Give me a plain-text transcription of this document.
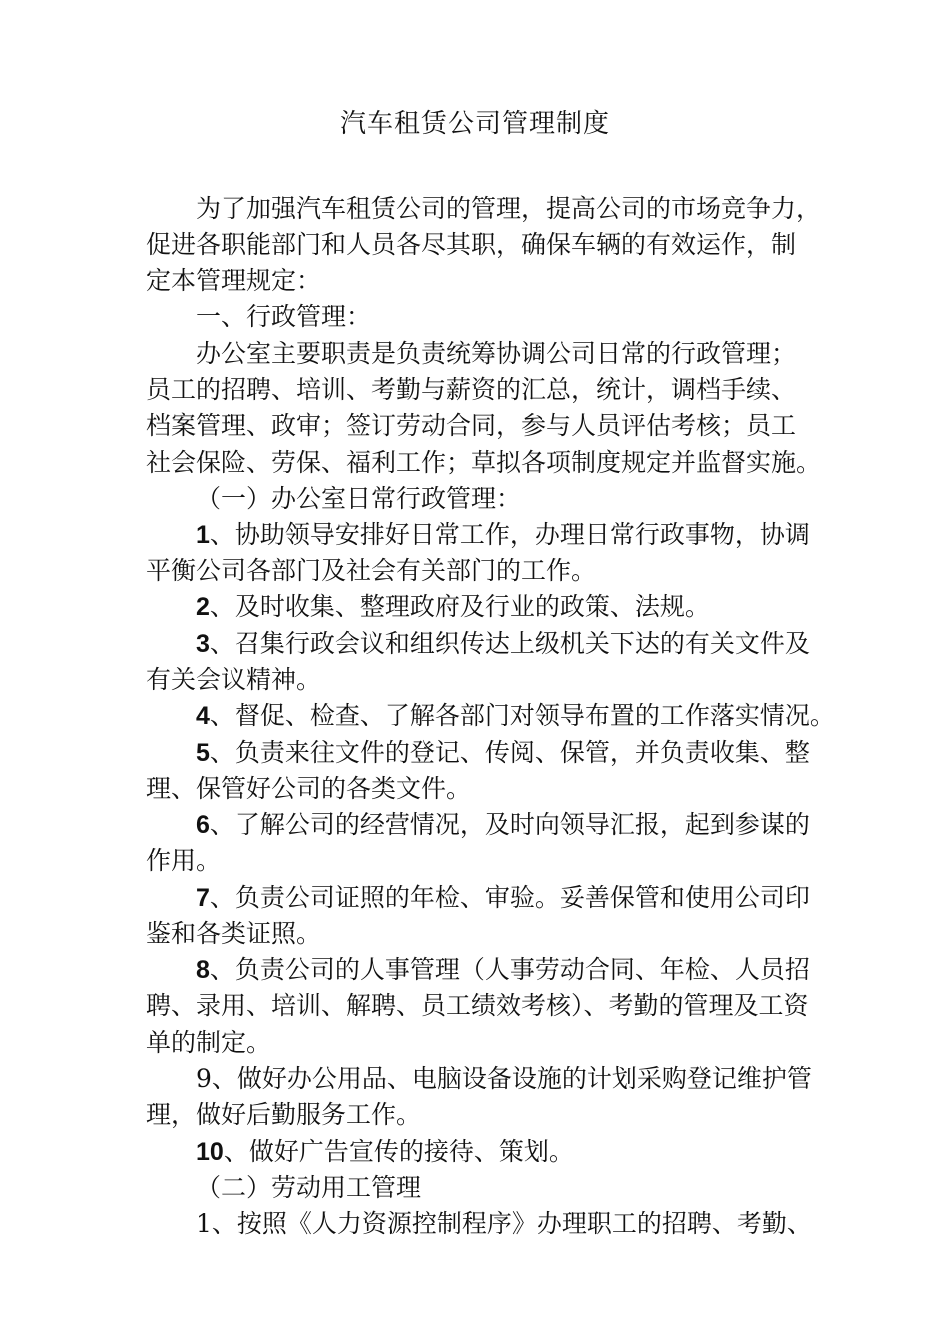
汽车租赁公司管理制度
为了加强汽车租赁公司的管理，提高公司的市场竞争力，
促进各职能部门和人员各尽其职，确保车辆的有效运作，制
定本管理规定：
一、行政管理：
办公室主要职责是负责统筹协调公司日常的行政管理；
员工的招聘、培训、考勤与薪资的汇总，统计，调档手续、
档案管理、政审；签订劳动合同，参与人员评估考核；员工
社会保险、劳保、福利工作；草拟各项制度规定并监督实施。
（一）办公室日常行政管理：
1、协助领导安排好日常工作，办理日常行政事物，协调
平衡公司各部门及社会有关部门的工作。
2、及时收集、整理政府及行业的政策、法规。
3、召集行政会议和组织传达上级机关下达的有关文件及
有关会议精神。
4、督促、检查、了解各部门对领导布置的工作落实情况。
5、负责来往文件的登记、传阅、保管，并负责收集、整
理、保管好公司的各类文件。
6、了解公司的经营情况，及时向领导汇报，起到参谋的
作用。
7、负责公司证照的年检、审验。妥善保管和使用公司印
鉴和各类证照。
8、负责公司的人事管理（人事劳动合同、年检、人员招
聘、录用、培训、解聘、员工绩效考核）、考勤的管理及工资
单的制定。
9、做好办公用品、电脑设备设施的计划采购登记维护管
理，做好后勤服务工作。
10、做好广告宣传的接待、策划。
（二）劳动用工管理
1、按照《人力资源控制程序》办理职工的招聘、考勤、
